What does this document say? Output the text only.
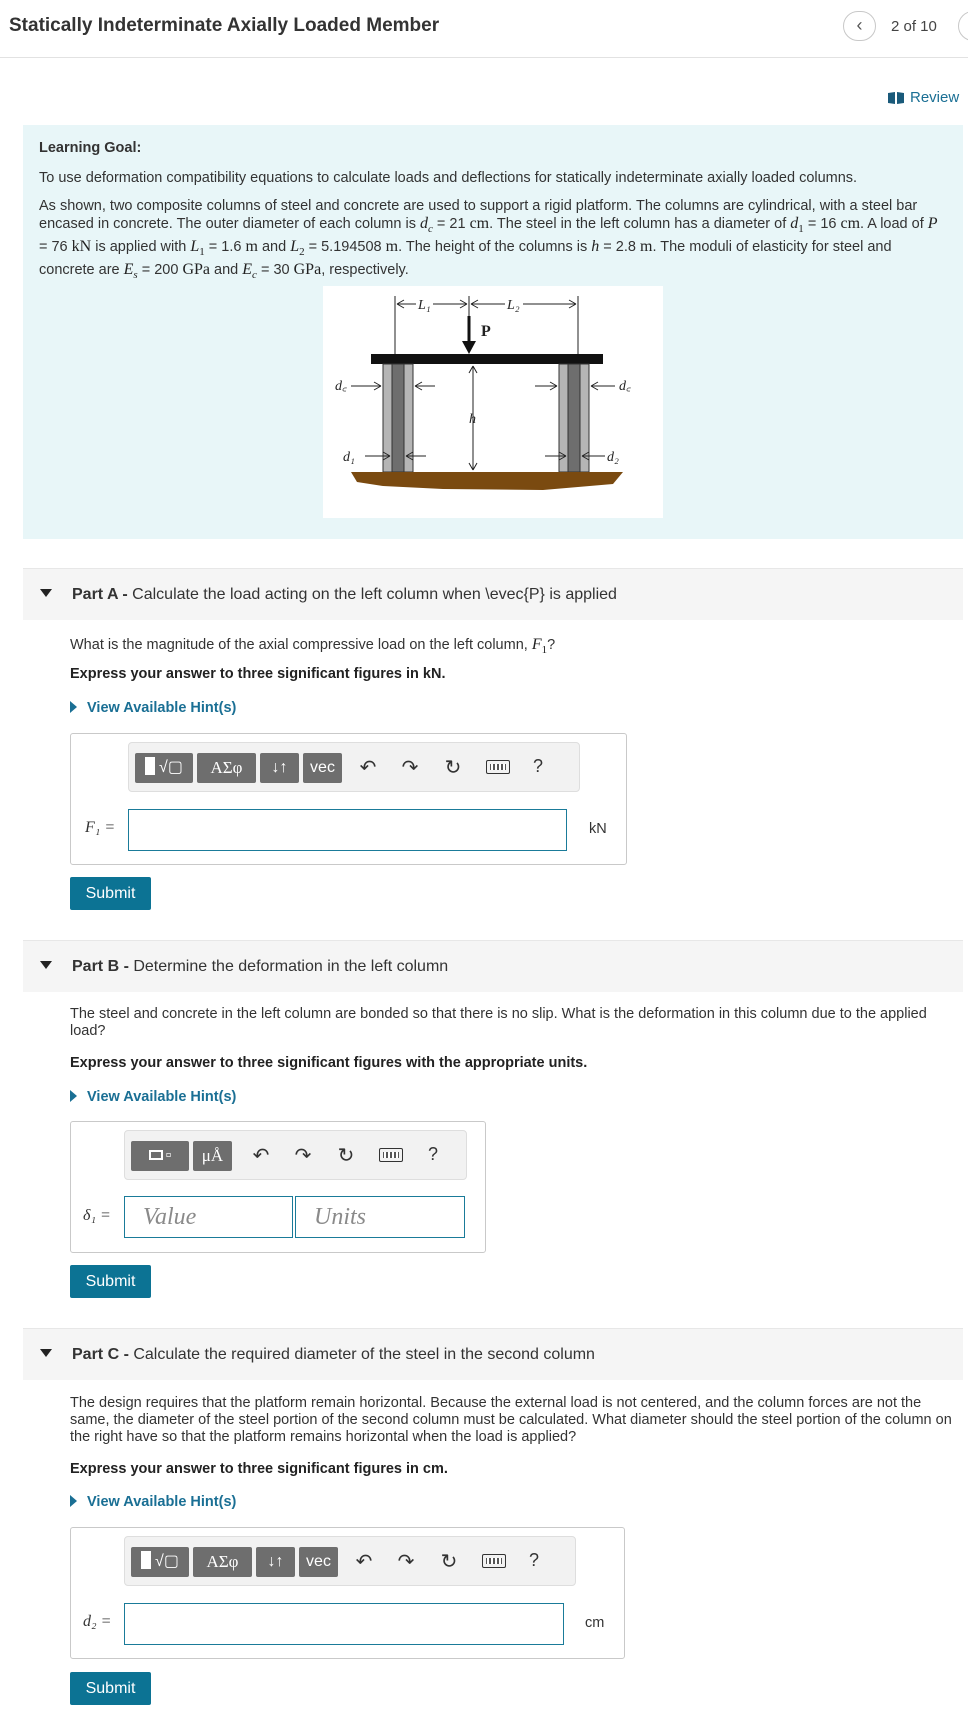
Statically Indeterminate Axially Loaded Member	‹	2 of 10
Review
Learning Goal:
To use deformation compatibility equations to calculate loads and deflections for statically indeterminate axially loaded columns.
As shown, two composite columns of steel and concrete are used to support a rigid platform. The columns are cylindrical, with a steel bar encased in concrete. The outer diameter of each column is $d_c = 21$ cm. The steel in the left column has a diameter of $d_1 = 16$ cm. A load of P = 76 kN is applied with $L_1 = 1.6$ m and $L_2 = 5.194508$ m. The height of the columns is h = 2.8 m. The moduli of elasticity for steel and concrete are $E_s = 200$ GPa and $E_c = 30$ GPa, respectively.
L₁	L₂
P
d꜀
d₁
h
d꜀
d₂
Part A - Calculate the load acting on the left column when \evec{P} is applied
What is the magnitude of the axial compressive load on the left column, $F_1$?
Express your answer to three significant figures in kN.
View Available Hint(s)
√▢	ΑΣφ	↓↑	vec	↶ ↷ ↻	?
F₁ =	kN
Submit
Part B - Determine the deformation in the left column
The steel and concrete in the left column are bonded so that there is no slip. What is the deformation in this column due to the applied load?
Express your answer to three significant figures with the appropriate units.
View Available Hint(s)
▫	μÅ	↶ ↷ ↻	?
δ₁ =	Value	Units
Submit
Part C - Calculate the required diameter of the steel in the second column
The design requires that the platform remain horizontal. Because the external load is not centered, and the column forces are not the same, the diameter of the steel portion of the second column must be calculated. What diameter should the steel portion of the column on the right have so that the platform remains horizontal when the load is applied?
Express your answer to three significant figures in cm.
View Available Hint(s)
√▢	ΑΣφ	↓↑	vec	↶ ↷ ↻	?
d₂ =	cm
Submit
